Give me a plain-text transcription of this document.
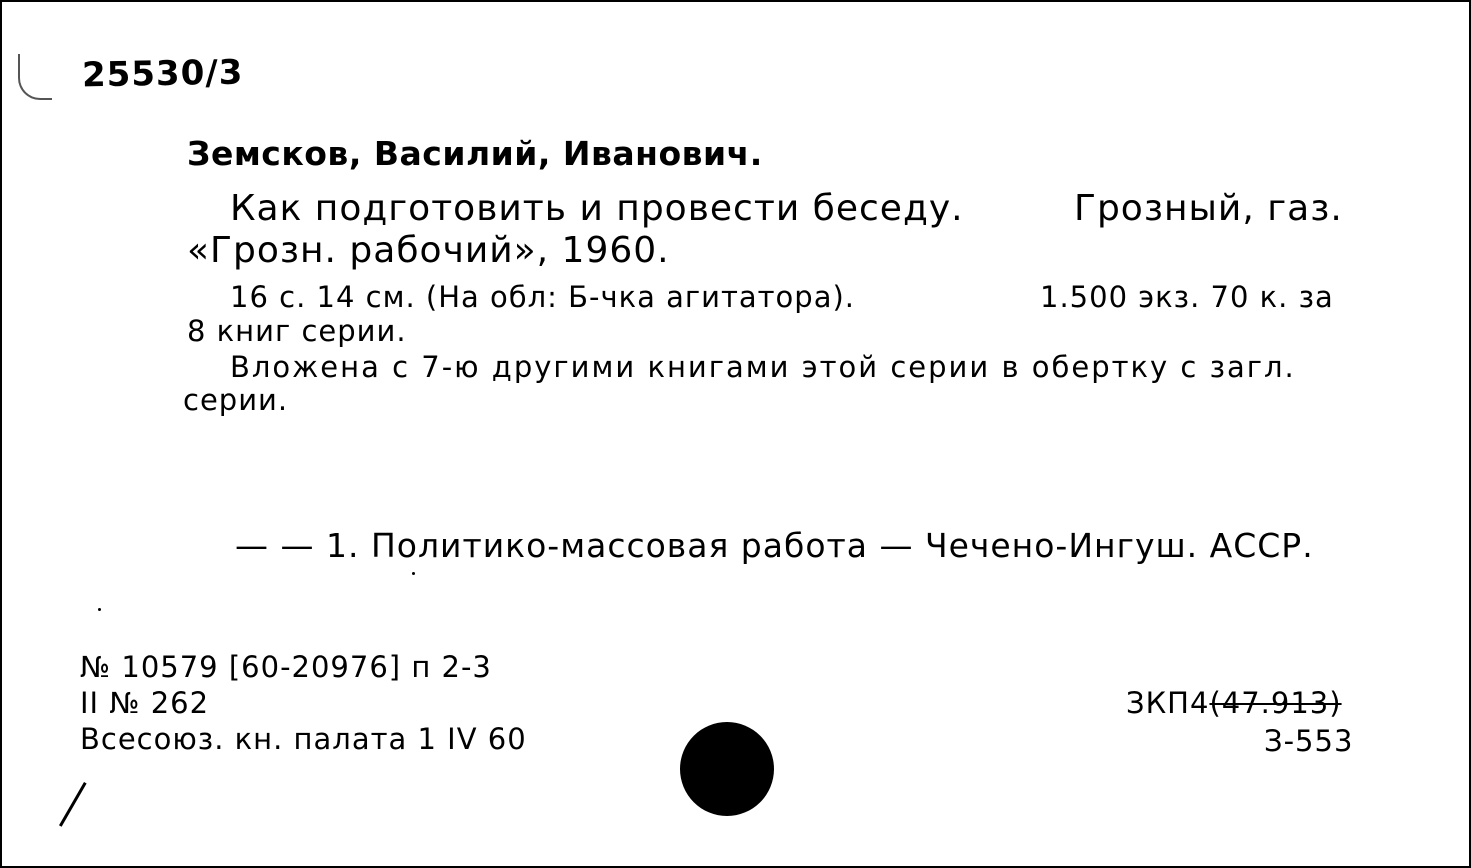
25530/3
Земсков, Василий, Иванович.
Как подготовить и провести беседу.	Грозный, газ.
«Грозн. рабочий», 1960.
16 с. 14 см. (На обл: Б-чка агитатора).	1.500 экз. 70 к. за
8 книг серии.
Вложена с 7-ю другими книгами этой серии в обертку с загл.
серии.
— — 1. Политико-массовая работа — Чечено-Ингуш. АССР.
№ 10579 [60-20976] п 2-3
II № 262
Всесоюз. кн. палата 1 IV 60
ЗКП4(47.913)
З-553
